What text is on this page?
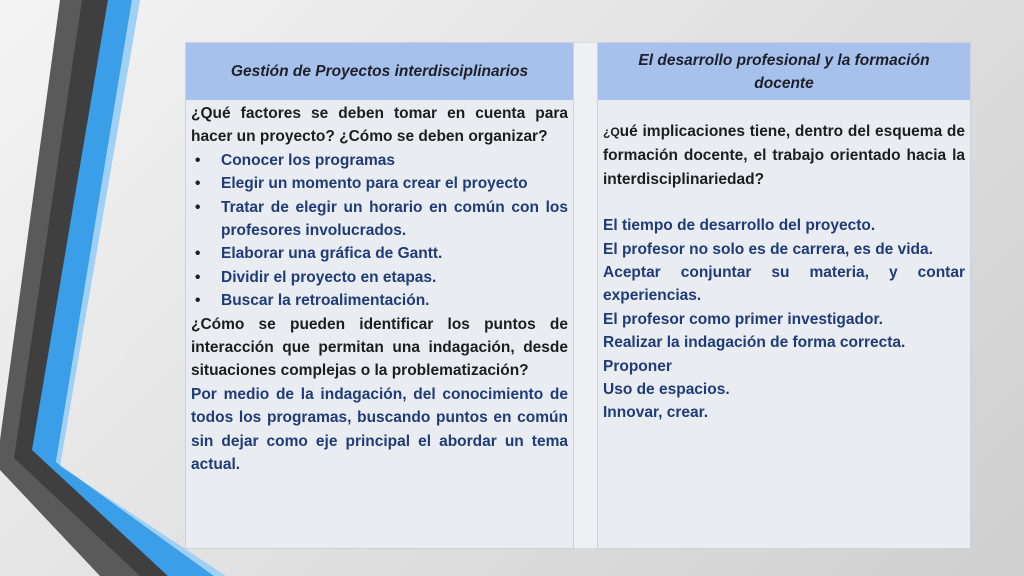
Gestión de Proyectos interdisciplinarios

¿Qué factores se deben tomar en cuenta para hacer un proyecto? ¿Cómo se deben organizar?

• Conocer los programas
• Elegir un momento para crear el proyecto
• Tratar de elegir un horario en común con los profesores involucrados.
• Elaborar una gráfica de Gantt.
• Dividir el proyecto en etapas.
• Buscar la retroalimentación.

¿Cómo se pueden identificar los puntos de interacción que permitan una indagación, desde situaciones complejas o la problematización?

Por medio de la indagación, del conocimiento de todos los programas, buscando puntos en común sin dejar como eje principal el abordar un tema actual.

El desarrollo profesional y la formación docente

¿Qué implicaciones tiene, dentro del esquema de formación docente, el trabajo orientado hacia la interdisciplinariedad?

El tiempo de desarrollo del proyecto.

El profesor no solo es de carrera, es de vida.

Aceptar conjuntar su materia, y contar experiencias.

El profesor como primer investigador.

Realizar la indagación de forma correcta.

Proponer

Uso de espacios.

Innovar, crear.
